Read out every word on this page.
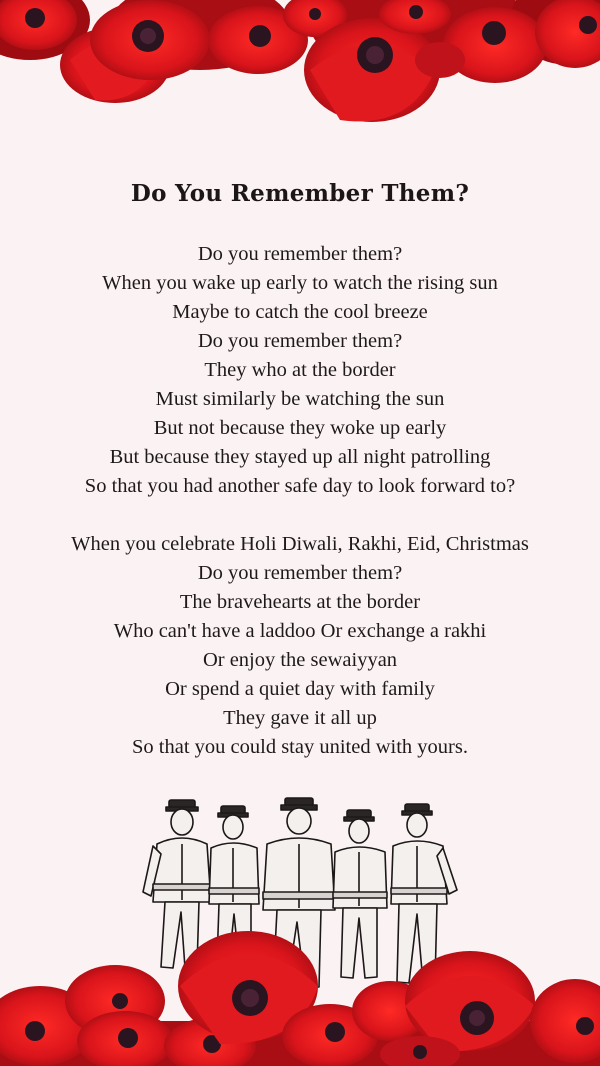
Do You Remember Them?
Do you remember them?
When you wake up early to watch the rising sun
Maybe to catch the cool breeze
Do you remember them?
They who at the border
Must similarly be watching the sun
But not because they woke up early
But because they stayed up all night patrolling
So that you had another safe day to look forward to?
When you celebrate Holi Diwali, Rakhi, Eid, Christmas
Do you remember them?
The bravehearts at the border
Who can't have a laddoo Or exchange a rakhi
Or enjoy the sewaiyyan
Or spend a quiet day with family
They gave it all up
So that you could stay united with yours.
